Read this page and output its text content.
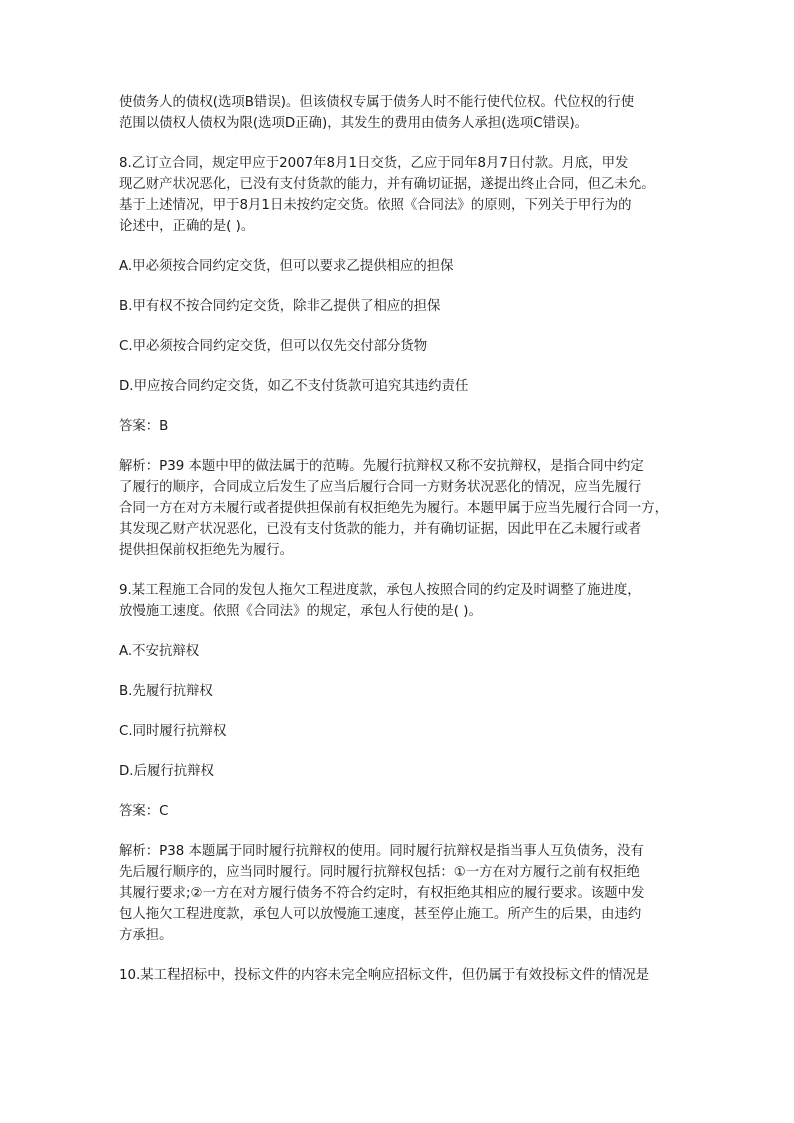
使债务人的债权(选项B错误)。但该债权专属于债务人时不能行使代位权。代位权的行使
范围以债权人债权为限(选项D正确)，其发生的费用由债务人承担(选项C错误)。
8.乙订立合同，规定甲应于2007年8月1日交货，乙应于同年8月7日付款。月底，甲发
现乙财产状况恶化，已没有支付货款的能力，并有确切证据，遂提出终止合同，但乙未允。
基于上述情况，甲于8月1日未按约定交货。依照《合同法》的原则，下列关于甲行为的
论述中，正确的是( )。
A.甲必须按合同约定交货，但可以要求乙提供相应的担保
B.甲有权不按合同约定交货，除非乙提供了相应的担保
C.甲必须按合同约定交货，但可以仅先交付部分货物
D.甲应按合同约定交货，如乙不支付货款可追究其违约责任
答案：B
解析：P39 本题中甲的做法属于的范畴。先履行抗辩权又称不安抗辩权，是指合同中约定
了履行的顺序，合同成立后发生了应当后履行合同一方财务状况恶化的情况，应当先履行
合同一方在对方未履行或者提供担保前有权拒绝先为履行。本题甲属于应当先履行合同一方，
其发现乙财产状况恶化，已没有支付货款的能力，并有确切证据，因此甲在乙未履行或者
提供担保前权拒绝先为履行。
9.某工程施工合同的发包人拖欠工程进度款，承包人按照合同的约定及时调整了施进度，
放慢施工速度。依照《合同法》的规定，承包人行使的是( )。
A.不安抗辩权
B.先履行抗辩权
C.同时履行抗辩权
D.后履行抗辩权
答案：C
解析：P38 本题属于同时履行抗辩权的使用。同时履行抗辩权是指当事人互负债务，没有
先后履行顺序的，应当同时履行。同时履行抗辩权包括：①一方在对方履行之前有权拒绝
其履行要求;②一方在对方履行债务不符合约定时，有权拒绝其相应的履行要求。该题中发
包人拖欠工程进度款，承包人可以放慢施工速度，甚至停止施工。所产生的后果，由违约
方承担。
10.某工程招标中，投标文件的内容未完全响应招标文件，但仍属于有效投标文件的情况是
